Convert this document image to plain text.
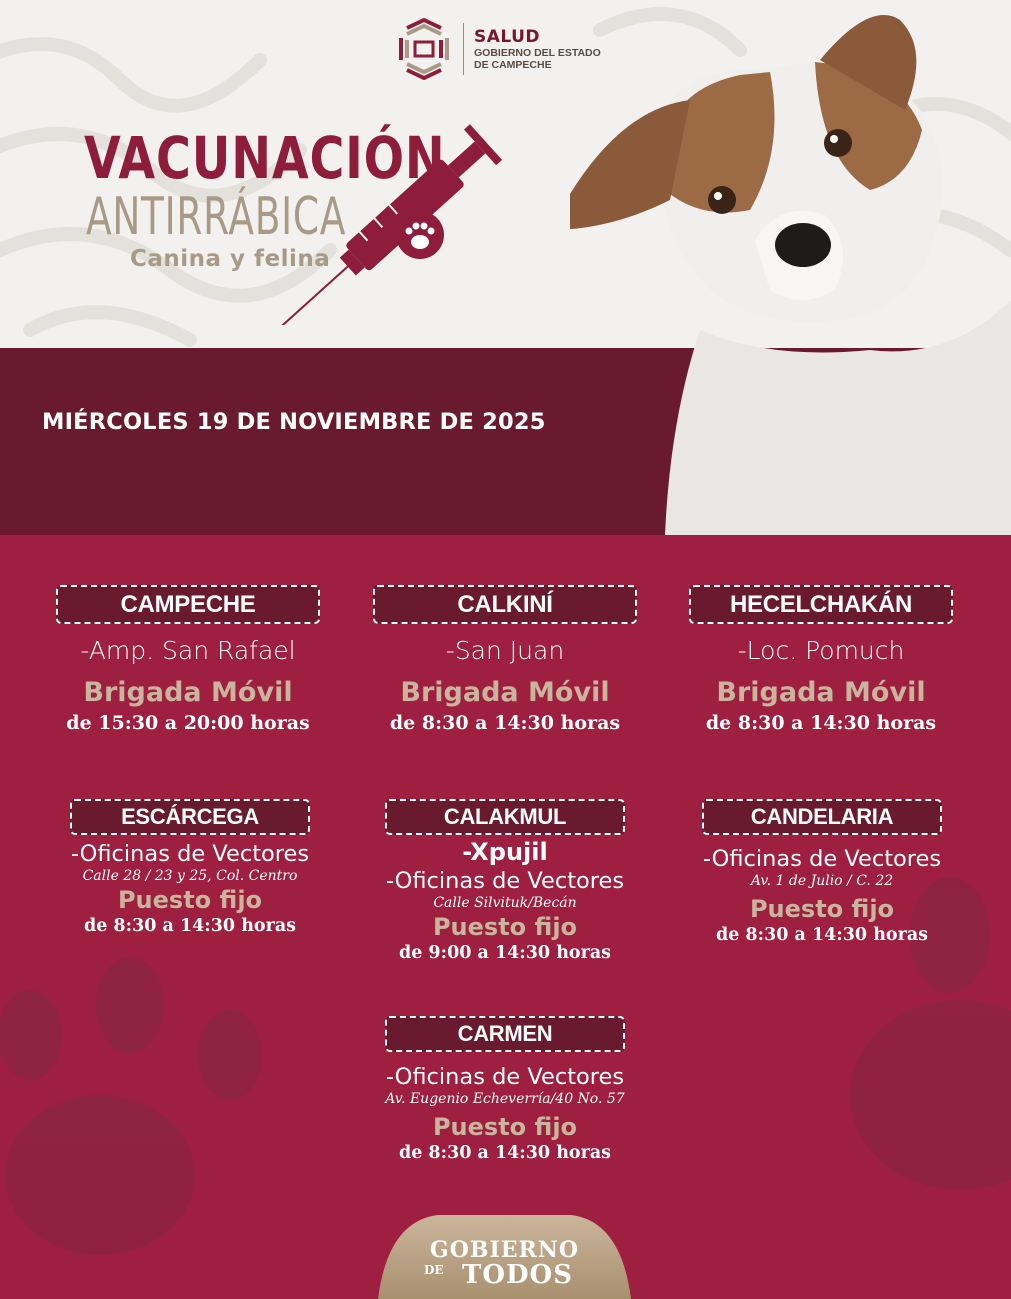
SALUD
GOBIERNO DEL ESTADO
DE CAMPECHE
VACUNACIÓN
ANTIRRÁBICA
Canina y felina
MIÉRCOLES 19 DE NOVIEMBRE DE 2025
CAMPECHE
-Amp. San Rafael
Brigada Móvil
de 15:30 a 20:00 horas
CALKINÍ
-San Juan
Brigada Móvil
de 8:30 a 14:30 horas
HECELCHAKÁN
-Loc. Pomuch
Brigada Móvil
de 8:30 a 14:30 horas
ESCÁRCEGA
-Oficinas de Vectores
Calle 28 / 23 y 25, Col. Centro
Puesto fijo
de 8:30 a 14:30 horas
CALAKMUL
-Xpujil
-Oficinas de Vectores
Calle Silvituk/Becán
Puesto fijo
de 9:00 a 14:30 horas
CANDELARIA
-Oficinas de Vectores
Av. 1 de Julio / C. 22
Puesto fijo
de 8:30 a 14:30 horas
CARMEN
-Oficinas de Vectores
Av. Eugenio Echeverría/40 No. 57
Puesto fijo
de 8:30 a 14:30 horas
GOBIERNO
DE TODOS
